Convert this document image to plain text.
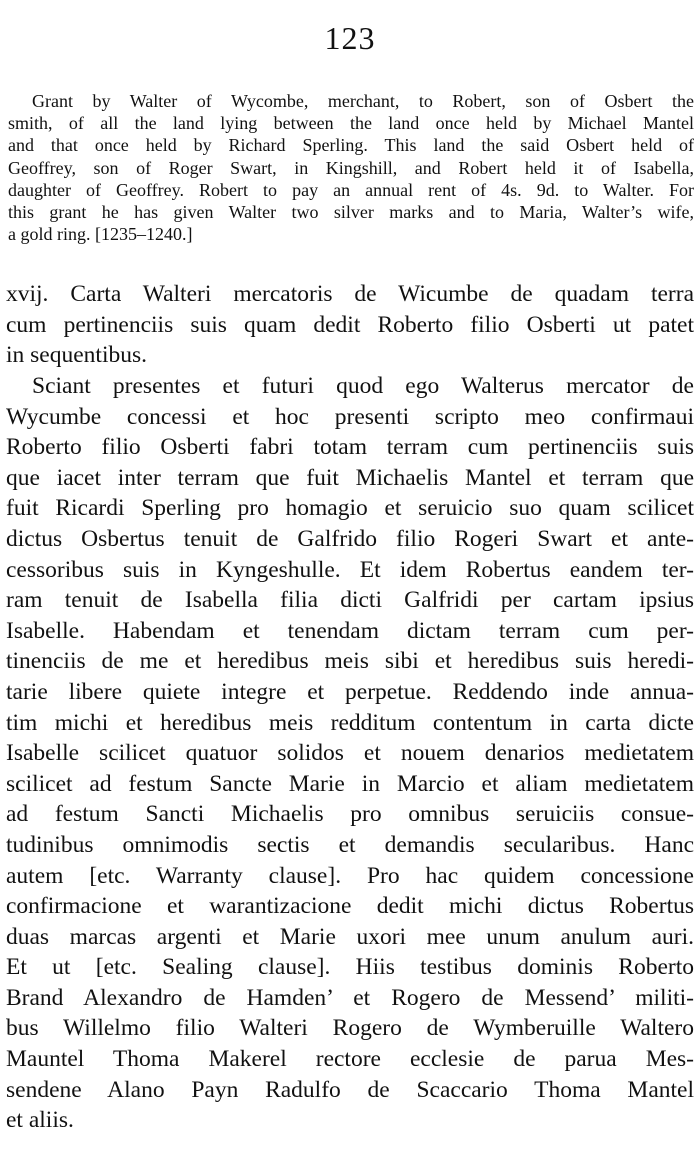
123

Grant by Walter of Wycombe, merchant, to Robert, son of Osbert the
smith, of all the land lying between the land once held by Michael Mantel
and that once held by Richard Sperling. This land the said Osbert held of
Geoffrey, son of Roger Swart, in Kingshill, and Robert held it of Isabella,
daughter of Geoffrey. Robert to pay an annual rent of 4s. 9d. to Walter. For
this grant he has given Walter two silver marks and to Maria, Walter’s wife,
a gold ring. [1235–1240.]

xvij. Carta Walteri mercatoris de Wicumbe de quadam terra
cum pertinenciis suis quam dedit Roberto filio Osberti ut patet
in sequentibus.

Sciant presentes et futuri quod ego Walterus mercator de
Wycumbe concessi et hoc presenti scripto meo confirmaui
Roberto filio Osberti fabri totam terram cum pertinenciis suis
que iacet inter terram que fuit Michaelis Mantel et terram que
fuit Ricardi Sperling pro homagio et seruicio suo quam scilicet
dictus Osbertus tenuit de Galfrido filio Rogeri Swart et ante-
cessoribus suis in Kyngeshulle. Et idem Robertus eandem ter-
ram tenuit de Isabella filia dicti Galfridi per cartam ipsius
Isabelle. Habendam et tenendam dictam terram cum per-
tinenciis de me et heredibus meis sibi et heredibus suis heredi-
tarie libere quiete integre et perpetue. Reddendo inde annua-
tim michi et heredibus meis redditum contentum in carta dicte
Isabelle scilicet quatuor solidos et nouem denarios medietatem
scilicet ad festum Sancte Marie in Marcio et aliam medietatem
ad festum Sancti Michaelis pro omnibus seruiciis consue-
tudinibus omnimodis sectis et demandis secularibus. Hanc
autem [etc. Warranty clause]. Pro hac quidem concessione
confirmacione et warantizacione dedit michi dictus Robertus
duas marcas argenti et Marie uxori mee unum anulum auri.
Et ut [etc. Sealing clause]. Hiis testibus dominis Roberto
Brand Alexandro de Hamden’ et Rogero de Messend’ militi-
bus Willelmo filio Walteri Rogero de Wymberuille Waltero
Mauntel Thoma Makerel rectore ecclesie de parua Mes-
sendene Alano Payn Radulfo de Scaccario Thoma Mantel
et aliis.
